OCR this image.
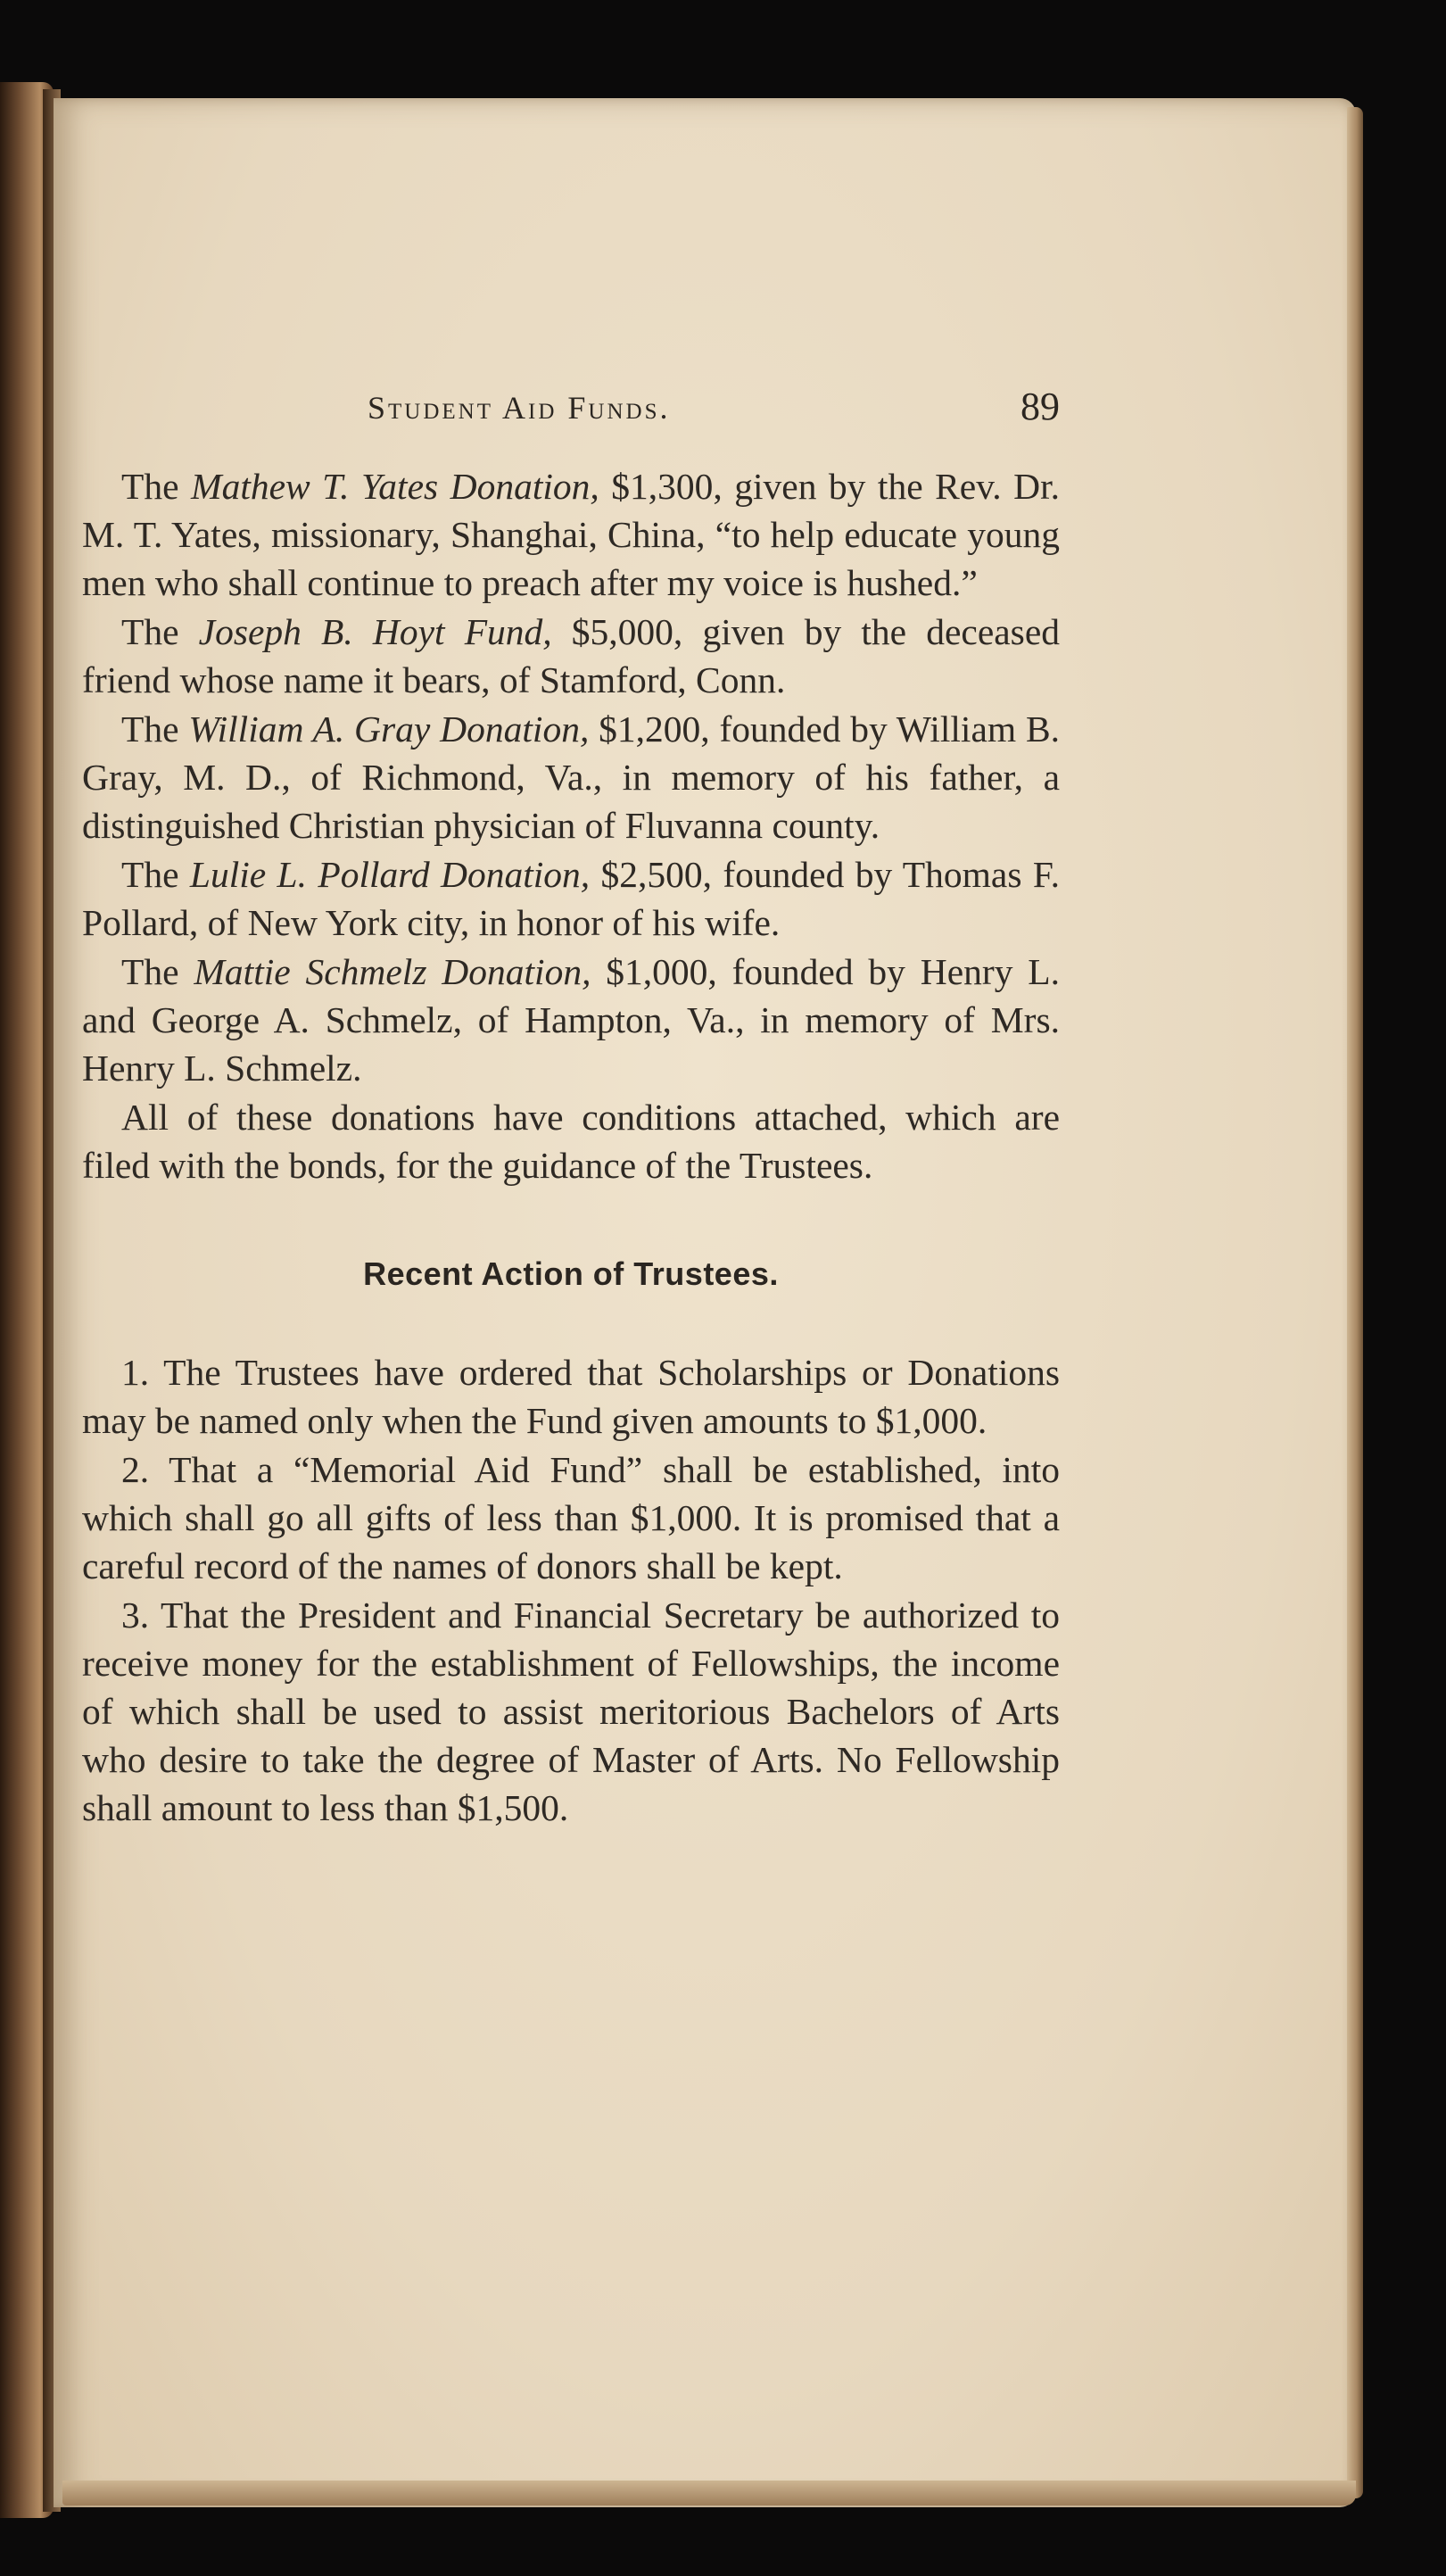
Student Aid Funds.	89

The Mathew T. Yates Donation, $1,300, given by the Rev. Dr. M. T. Yates, missionary, Shanghai, China, “to help educate young men who shall continue to preach after my voice is hushed.”

The Joseph B. Hoyt Fund, $5,000, given by the deceased friend whose name it bears, of Stamford, Conn.

The William A. Gray Donation, $1,200, founded by William B. Gray, M. D., of Richmond, Va., in memory of his father, a distinguished Christian physician of Fluvanna county.

The Lulie L. Pollard Donation, $2,500, founded by Thomas F. Pollard, of New York city, in honor of his wife.

The Mattie Schmelz Donation, $1,000, founded by Henry L. and George A. Schmelz, of Hampton, Va., in memory of Mrs. Henry L. Schmelz.

All of these donations have conditions attached, which are filed with the bonds, for the guidance of the Trustees.

Recent Action of Trustees.

1. The Trustees have ordered that Scholarships or Donations may be named only when the Fund given amounts to $1,000.

2. That a “Memorial Aid Fund” shall be established, into which shall go all gifts of less than $1,000. It is promised that a careful record of the names of donors shall be kept.

3. That the President and Financial Secretary be authorized to receive money for the establishment of Fellowships, the income of which shall be used to assist meritorious Bachelors of Arts who desire to take the degree of Master of Arts. No Fellowship shall amount to less than $1,500.
